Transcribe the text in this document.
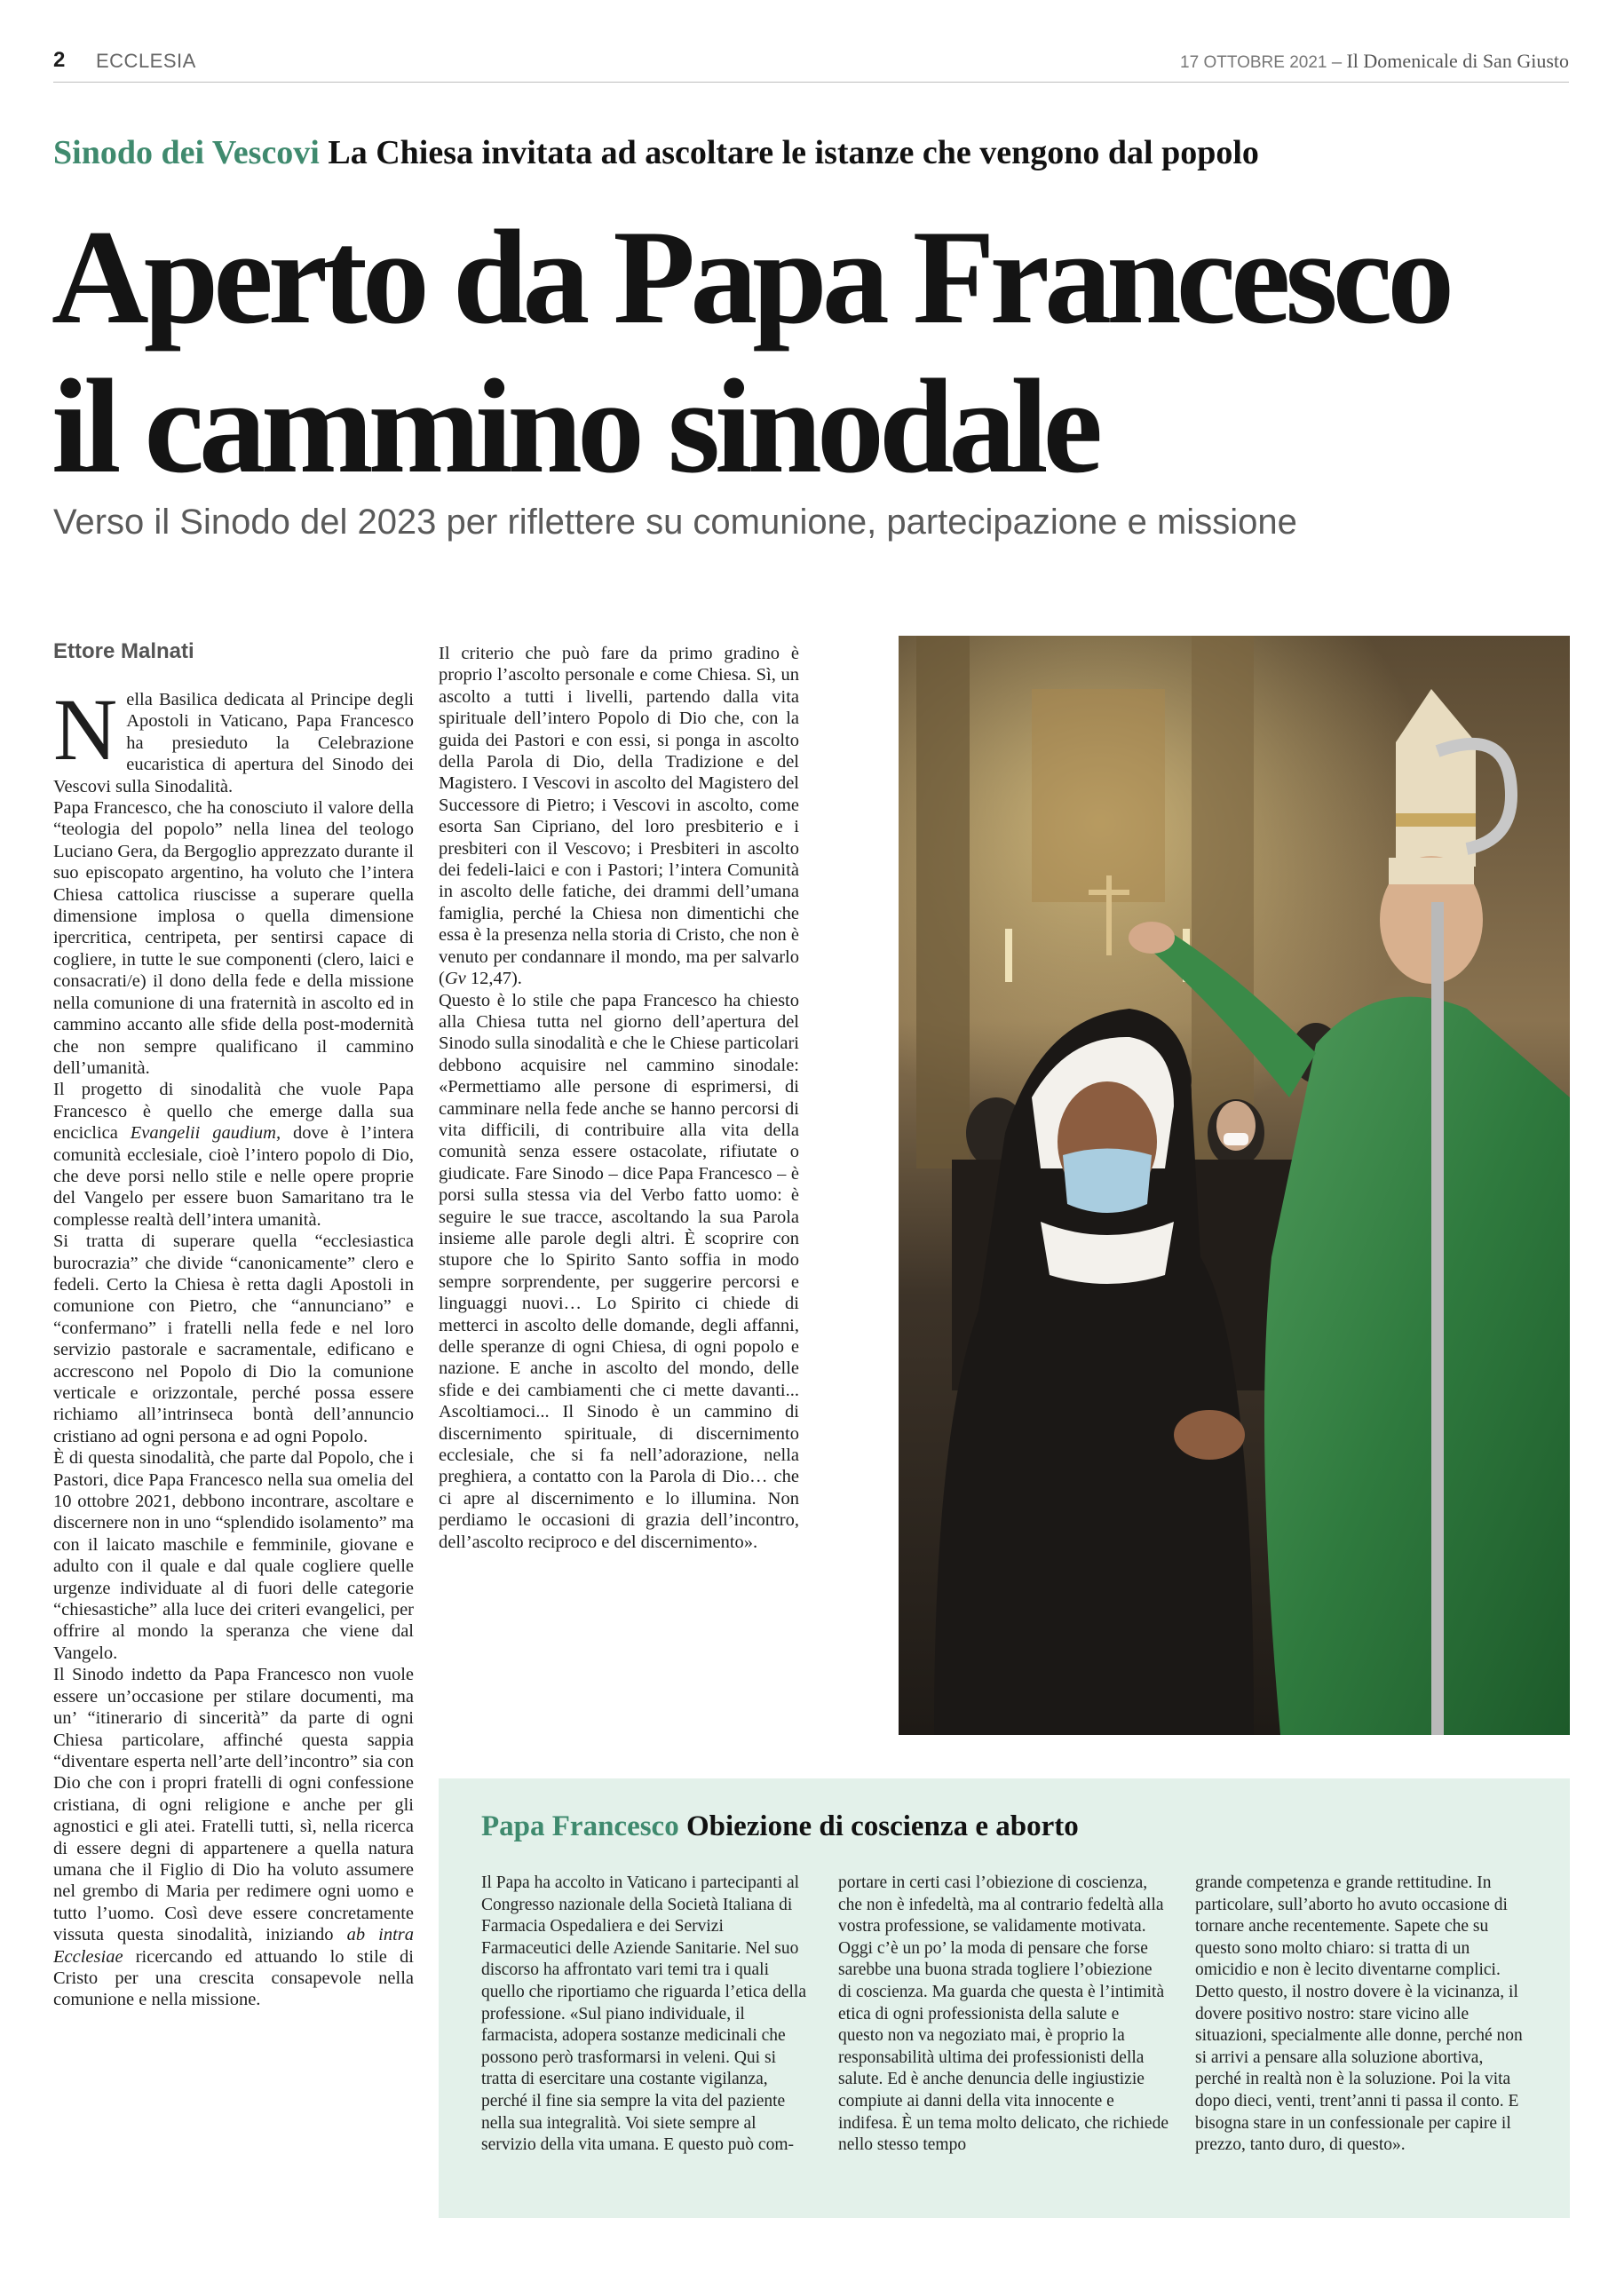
2 ECCLESIA	17 OTTOBRE 2021 – Il Domenicale di San Giusto
Sinodo dei Vescovi La Chiesa invitata ad ascoltare le istanze che vengono dal popolo
Aperto da Papa Francesco
il cammino sinodale
Verso il Sinodo del 2023 per riflettere su comunione, partecipazione e missione
Ettore Malnati

Nella Basilica dedicata al Principe degli Apostoli in Vaticano, Papa Francesco ha presieduto la Celebrazione eucaristica di apertura del Sinodo dei Vescovi sulla Sinodalità.

Papa Francesco, che ha conosciuto il valore della “teologia del popolo” nella linea del teologo Luciano Gera, da Bergoglio apprezzato durante il suo episcopato argentino, ha voluto che l’intera Chiesa cattolica riuscisse a superare quella dimensione implosa o quella dimensione ipercritica, centripeta, per sentirsi capace di cogliere, in tutte le sue componenti (clero, laici e consacrati/e) il dono della fede e della missione nella comunione di una fraternità in ascolto ed in cammino accanto alle sfide della post-modernità che non sempre qualificano il cammino dell’umanità.

Il progetto di sinodalità che vuole Papa Francesco è quello che emerge dalla sua enciclica Evangelii gaudium, dove è l’intera comunità ecclesiale, cioè l’intero popolo di Dio, che deve porsi nello stile e nelle opere proprie del Vangelo per essere buon Samaritano tra le complesse realtà dell’intera umanità.

Si tratta di superare quella “ecclesiastica burocrazia” che divide “canonicamente” clero e fedeli. Certo la Chiesa è retta dagli Apostoli in comunione con Pietro, che “annunciano” e “confermano” i fratelli nella fede e nel loro servizio pastorale e sacramentale, edificano e accrescono nel Popolo di Dio la comunione verticale e orizzontale, perché possa essere richiamo all’intrinseca bontà dell’annuncio cristiano ad ogni persona e ad ogni Popolo.

È di questa sinodalità, che parte dal Popolo, che i Pastori, dice Papa Francesco nella sua omelia del 10 ottobre 2021, debbono incontrare, ascoltare e discernere non in uno “splendido isolamento” ma con il laicato maschile e femminile, giovane e adulto con il quale e dal quale cogliere quelle urgenze individuate al di fuori delle categorie “chiesastiche” alla luce dei criteri evangelici, per offrire al mondo la speranza che viene dal Vangelo.

Il Sinodo indetto da Papa Francesco non vuole essere un’occasione per stilare documenti, ma un’ “itinerario di sincerità” da parte di ogni Chiesa particolare, affinché questa sappia “diventare esperta nell’arte dell’incontro” sia con Dio che con i propri fratelli di ogni confessione cristiana, di ogni religione e anche per gli agnostici e gli atei. Fratelli tutti, sì, nella ricerca di essere degni di appartenere a quella natura umana che il Figlio di Dio ha voluto assumere nel grembo di Maria per redimere ogni uomo e tutto l’uomo. Così deve essere concretamente vissuta questa sinodalità, iniziando ab intra Ecclesiae ricercando ed attuando lo stile di Cristo per una crescita consapevole nella comunione e nella missione.

Il criterio che può fare da primo gradino è proprio l’ascolto personale e come Chiesa. Sì, un ascolto a tutti i livelli, partendo dalla vita spirituale dell’intero Popolo di Dio che, con la guida dei Pastori e con essi, si ponga in ascolto della Parola di Dio, della Tradizione e del Magistero. I Vescovi in ascolto del Magistero del Successore di Pietro; i Vescovi in ascolto, come esorta San Cipriano, del loro presbiterio e i presbiteri con il Vescovo; i Presbiteri in ascolto dei fedeli-laici e con i Pastori; l’intera Comunità in ascolto delle fatiche, dei drammi dell’umana famiglia, perché la Chiesa non dimentichi che essa è la presenza nella storia di Cristo, che non è venuto per condannare il mondo, ma per salvarlo (Gv 12,47).

Questo è lo stile che papa Francesco ha chiesto alla Chiesa tutta nel giorno dell’apertura del Sinodo sulla sinodalità e che le Chiese particolari debbono acquisire nel cammino sinodale: «Permettiamo alle persone di esprimersi, di camminare nella fede anche se hanno percorsi di vita difficili, di contribuire alla vita della comunità senza essere ostacolate, rifiutate o giudicate. Fare Sinodo – dice Papa Francesco – è porsi sulla stessa via del Verbo fatto uomo: è seguire le sue tracce, ascoltando la sua Parola insieme alle parole degli altri. È scoprire con stupore che lo Spirito Santo soffia in modo sempre sorprendente, per suggerire percorsi e linguaggi nuovi… Lo Spirito ci chiede di metterci in ascolto delle domande, degli affanni, delle speranze di ogni Chiesa, di ogni popolo e nazione. E anche in ascolto del mondo, delle sfide e dei cambiamenti che ci mette davanti... Ascoltiamoci... Il Sinodo è un cammino di discernimento spirituale, di discernimento ecclesiale, che si fa nell’adorazione, nella preghiera, a contatto con la Parola di Dio… che ci apre al discernimento e lo illumina. Non perdiamo le occasioni di grazia dell’incontro, dell’ascolto reciproco e del discernimento».

Papa Francesco Obiezione di coscienza e aborto

Il Papa ha accolto in Vaticano i partecipanti al Congresso nazionale della Società Italiana di Farmacia Ospedaliera e dei Servizi Farmaceutici delle Aziende Sanitarie. Nel suo discorso ha affrontato vari temi tra i quali quello che riportiamo che riguarda l’etica della professione. «Sul piano individuale, il farmacista, adopera sostanze medicinali che possono però trasformarsi in veleni. Qui si tratta di esercitare una costante vigilanza, perché il fine sia sempre la vita del paziente nella sua integralità. Voi siete sempre al servizio della vita umana. E questo può com-

portare in certi casi l’obiezione di coscienza, che non è infedeltà, ma al contrario fedeltà alla vostra professione, se validamente motivata. Oggi c’è un po’ la moda di pensare che forse sarebbe una buona strada togliere l’obiezione di coscienza. Ma guarda che questa è l’intimità etica di ogni professionista della salute e questo non va negoziato mai, è proprio la responsabilità ultima dei professionisti della salute. Ed è anche denuncia delle ingiustizie compiute ai danni della vita innocente e indifesa. È un tema molto delicato, che richiede nello stesso tempo

grande competenza e grande rettitudine. In particolare, sull’aborto ho avuto occasione di tornare anche recentemente. Sapete che su questo sono molto chiaro: si tratta di un omicidio e non è lecito diventarne complici. Detto questo, il nostro dovere è la vicinanza, il dovere positivo nostro: stare vicino alle situazioni, specialmente alle donne, perché non si arrivi a pensare alla soluzione abortiva, perché in realtà non è la soluzione. Poi la vita dopo dieci, venti, trent’anni ti passa il conto. E bisogna stare in un confessionale per capire il prezzo, tanto duro, di questo».
